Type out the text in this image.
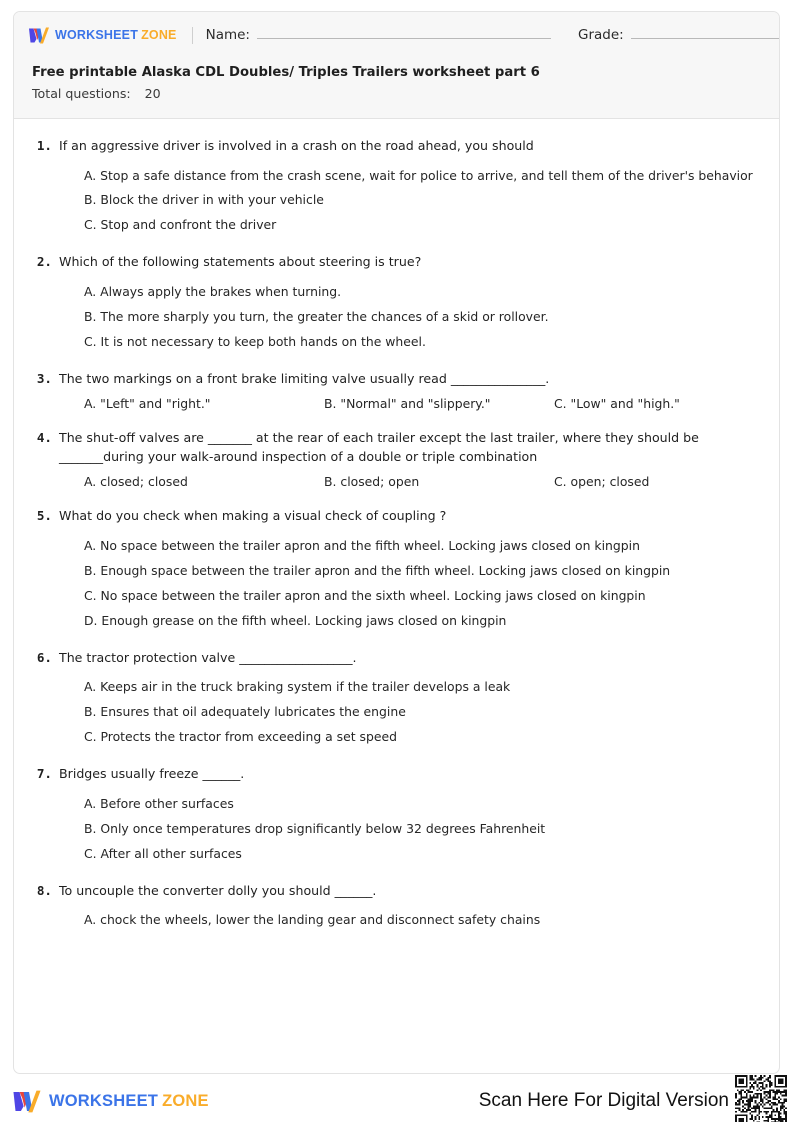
WORKSHEET ZONE Name:	Grade:

Free printable Alaska CDL Doubles/ Triples Trailers worksheet part 6

Total questions: 20

1. If an aggressive driver is involved in a crash on the road ahead, you should
A. Stop a safe distance from the crash scene, wait for police to arrive, and tell them of the driver's behavior
B. Block the driver in with your vehicle
C. Stop and confront the driver
2. Which of the following statements about steering is true?
A. Always apply the brakes when turning.
B. The more sharply you turn, the greater the chances of a skid or rollover.
C. It is not necessary to keep both hands on the wheel.
3. The two markings on a front brake limiting valve usually read _______________.
A. "Left" and "right."	B. "Normal" and "slippery."	C. "Low" and "high."
4. The shut-off valves are _______ at the rear of each trailer except the last trailer, where they should be _______during your walk-around inspection of a double or triple combination
A. closed; closed	B. closed; open	C. open; closed
5. What do you check when making a visual check of coupling ?
A. No space between the trailer apron and the fifth wheel. Locking jaws closed on kingpin
B. Enough space between the trailer apron and the fifth wheel. Locking jaws closed on kingpin
C. No space between the trailer apron and the sixth wheel. Locking jaws closed on kingpin
D. Enough grease on the fifth wheel. Locking jaws closed on kingpin
6. The tractor protection valve __________________.
A. Keeps air in the truck braking system if the trailer develops a leak
B. Ensures that oil adequately lubricates the engine
C. Protects the tractor from exceeding a set speed
7. Bridges usually freeze ______.
A. Before other surfaces
B. Only once temperatures drop significantly below 32 degrees Fahrenheit
C. After all other surfaces
8. To uncouple the converter dolly you should ______.
A. chock the wheels, lower the landing gear and disconnect safety chains
WORKSHEET ZONE	Scan Here For Digital Version
